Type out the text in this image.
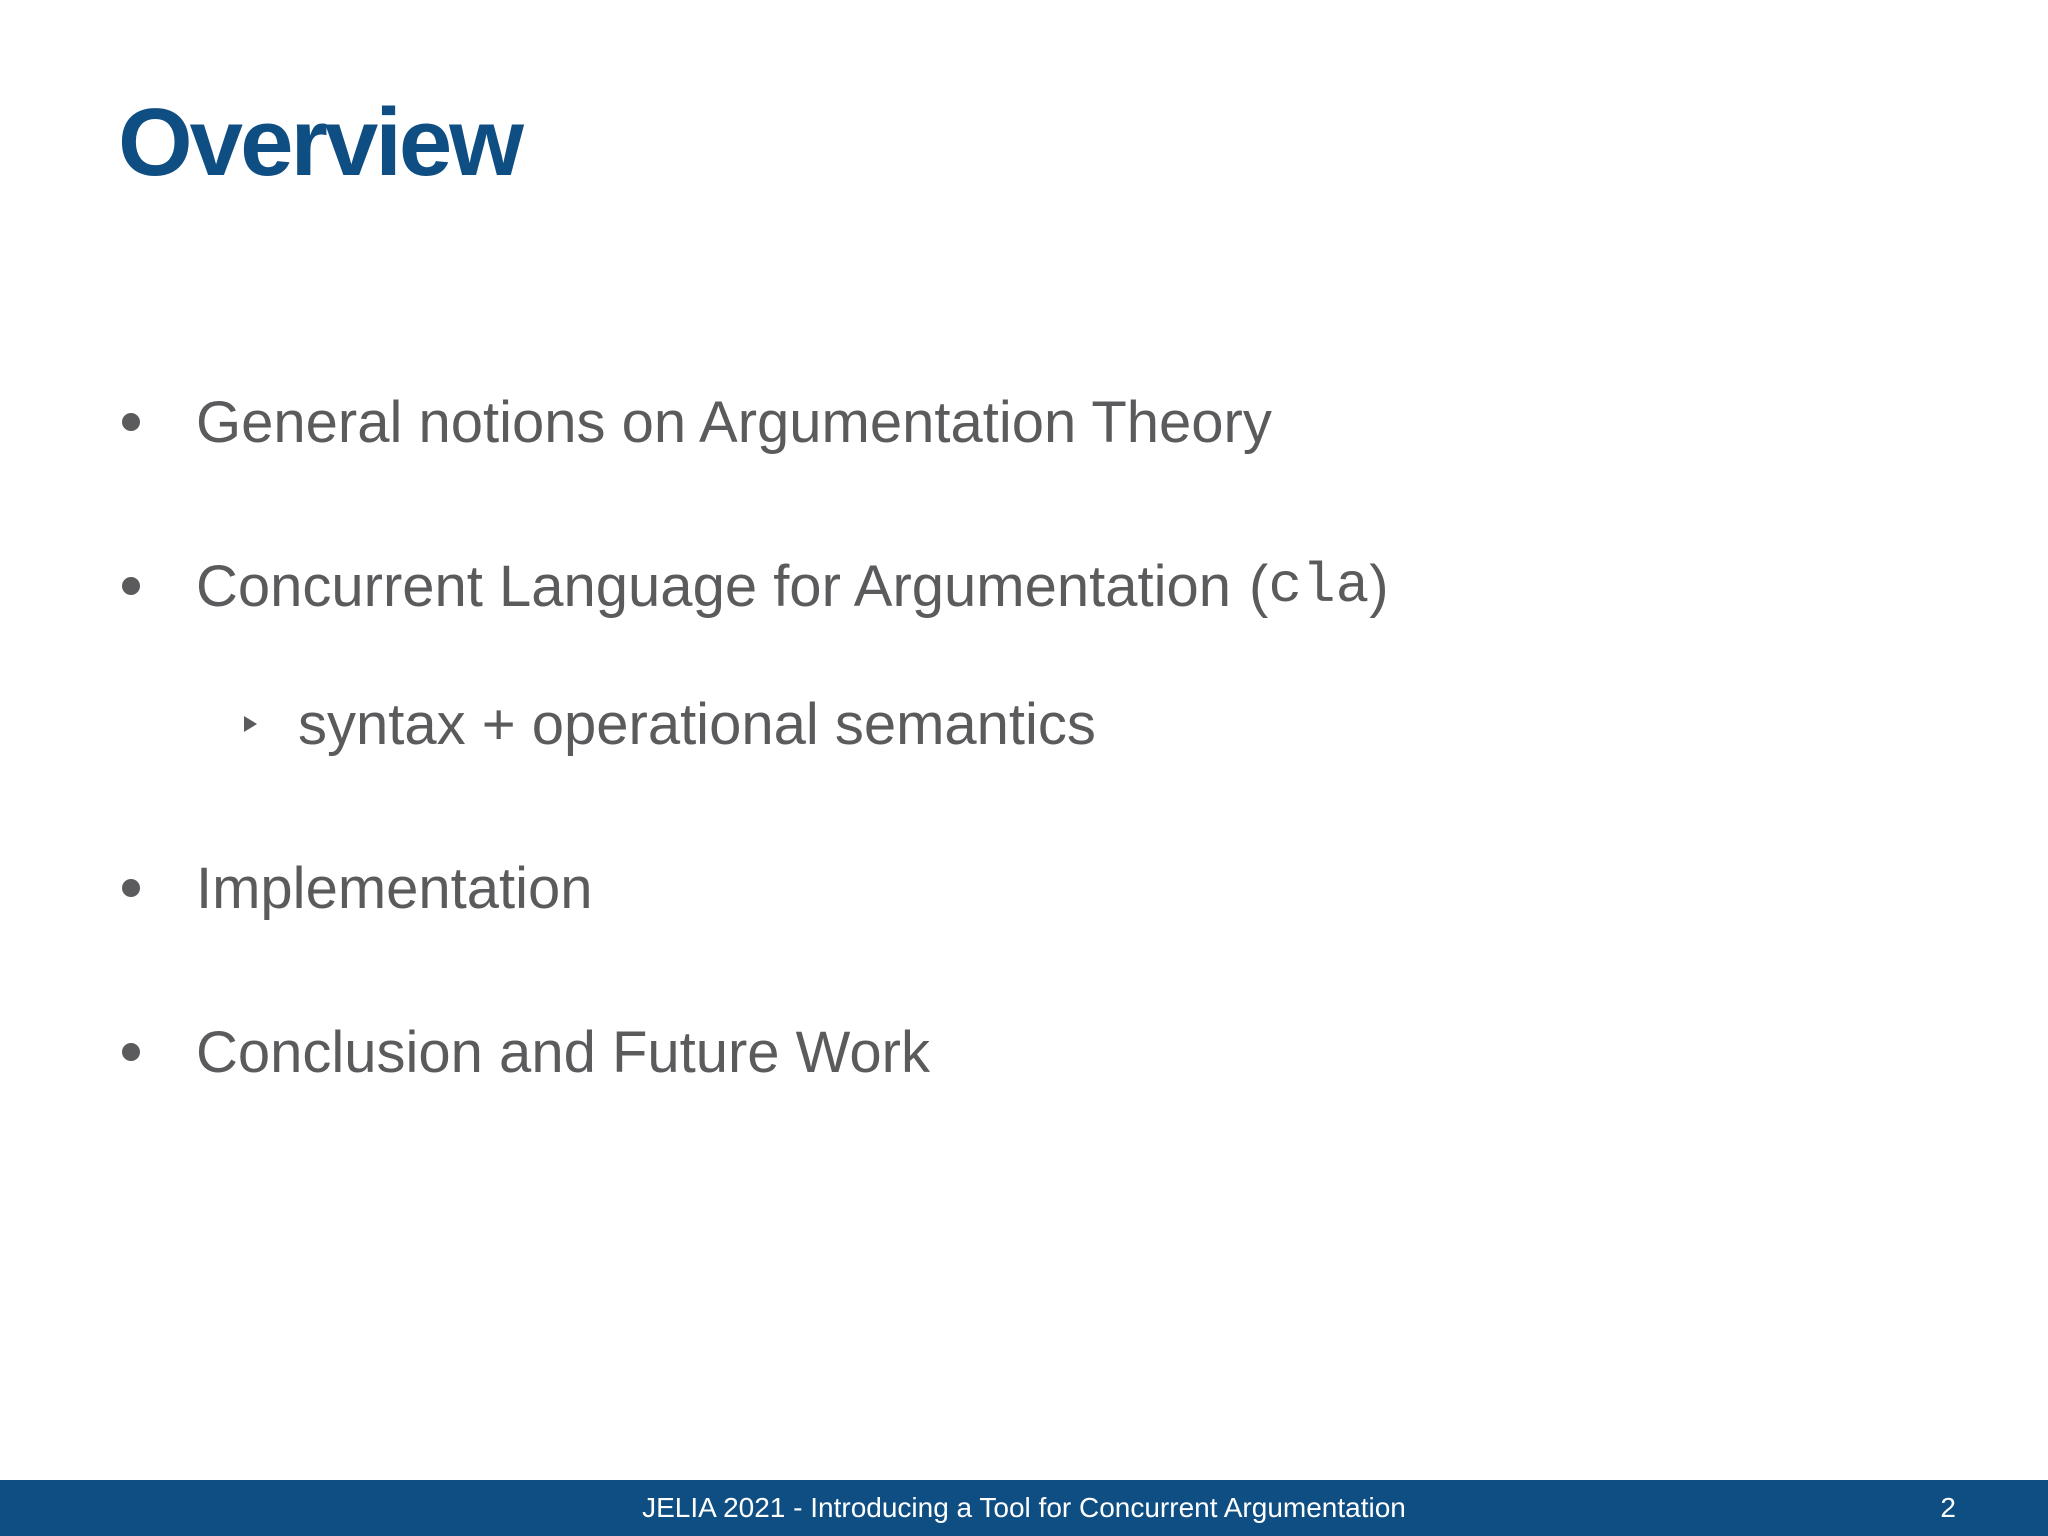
Overview
General notions on Argumentation Theory
Concurrent Language for Argumentation ( cla )
syntax + operational semantics
Implementation
Conclusion and Future Work
JELIA 2021 - Introducing a Tool for Concurrent Argumentation	2
